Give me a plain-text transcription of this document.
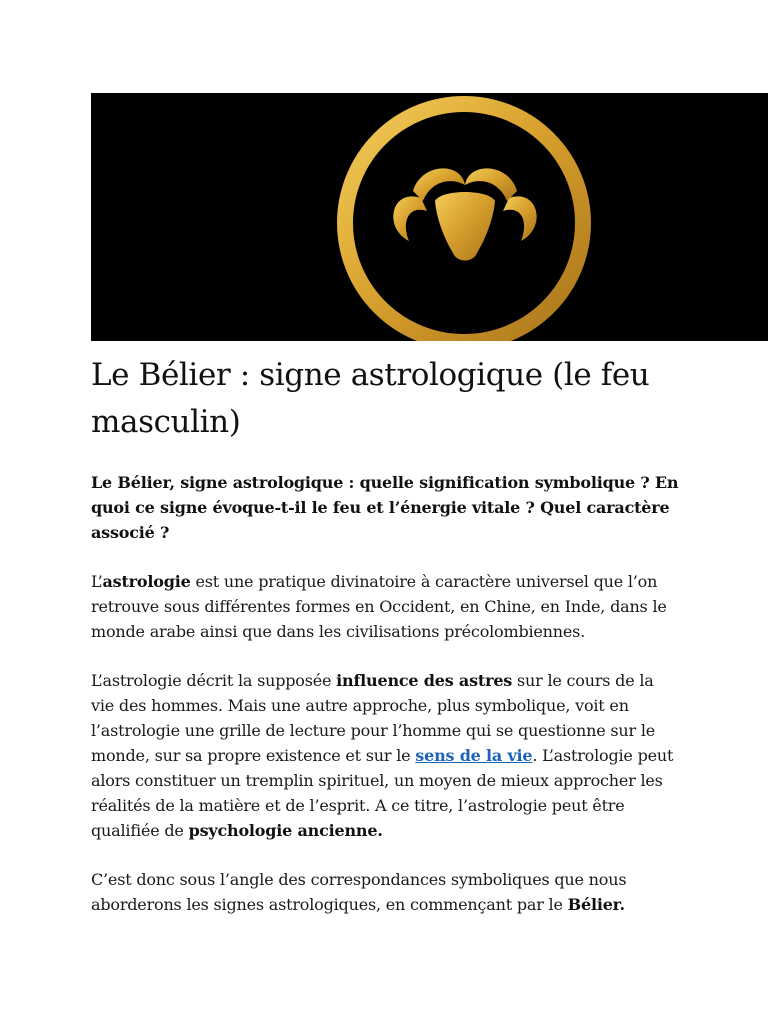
Le Bélier : signe astrologique (le feu masculin)
Le Bélier, signe astrologique : quelle signification symbolique ? En quoi ce signe évoque-t-il le feu et l’énergie vitale ? Quel caractère associé ?

L’astrologie est une pratique divinatoire à caractère universel que l’on retrouve sous différentes formes en Occident, en Chine, en Inde, dans le monde arabe ainsi que dans les civilisations précolombiennes.

L’astrologie décrit la supposée influence des astres sur le cours de la vie des hommes. Mais une autre approche, plus symbolique, voit en l’astrologie une grille de lecture pour l’homme qui se questionne sur le monde, sur sa propre existence et sur le sens de la vie. L’astrologie peut alors constituer un tremplin spirituel, un moyen de mieux approcher les réalités de la matière et de l’esprit. A ce titre, l’astrologie peut être qualifiée de psychologie ancienne.

C’est donc sous l’angle des correspondances symboliques que nous aborderons les signes astrologiques, en commençant par le Bélier.
